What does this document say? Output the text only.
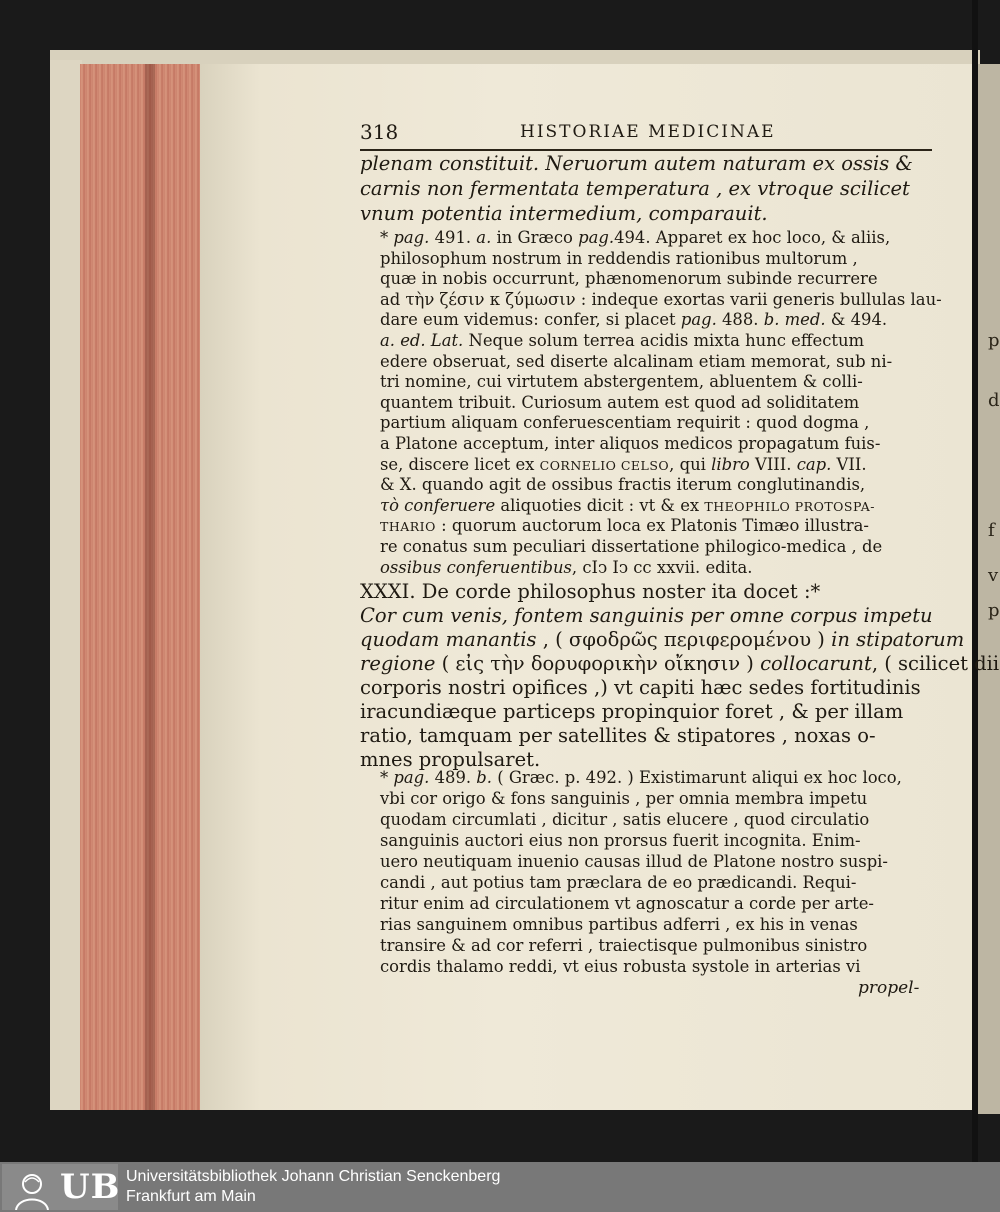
p
d
f
v
p
318	HISTORIAE MEDICINAE
plenam constituit. Neruorum autem naturam ex ossis &
carnis non fermentata temperatura , ex vtroque scilicet
vnum potentia intermedium, comparauit.
* pag. 491. a. in Græco pag.494. Apparet ex hoc loco, & aliis,
philosophum nostrum in reddendis rationibus multorum ,
quæ in nobis occurrunt, phænomenorum subinde recurrere
ad τὴν ζέσιν κ ζύμωσιν : indeque exortas varii generis bullulas lau-
dare eum videmus: confer, si placet pag. 488. b. med. & 494.
a. ed. Lat. Neque solum terrea acidis mixta hunc effectum
edere obseruat, sed diserte alcalinam etiam memorat, sub ni-
tri nomine, cui virtutem abstergentem, abluentem & colli-
quantem tribuit. Curiosum autem est quod ad soliditatem
partium aliquam conferuescentiam requirit : quod dogma ,
a Platone acceptum, inter aliquos medicos propagatum fuis-
se, discere licet ex CORNELIO CELSO, qui libro VIII. cap. VII.
& X. quando agit de ossibus fractis iterum conglutinandis,
τὸ conferuere aliquoties dicit : vt & ex THEOPHILO PROTOSPA-
THARIO : quorum auctorum loca ex Platonis Timæo illustra-
re conatus sum peculiari dissertatione philogico-medica , de
ossibus conferuentibus, cIↄ Iↄ cc xxvii. edita.
XXXI. De corde philosophus noster ita docet :*
Cor cum venis, fontem sanguinis per omne corpus impetu
quodam manantis , ( σφοδρῶς περιφερομένου ) in stipatorum
regione ( εἰς τὴν δορυφορικὴν οἴκησιν ) collocarunt, ( scilicet dii
corporis nostri opifices ,) vt capiti hæc sedes fortitudinis
iracundiæque particeps propinquior foret , & per illam
ratio, tamquam per satellites & stipatores , noxas o-
mnes propulsaret.
* pag. 489. b. ( Græc. p. 492. ) Existimarunt aliqui ex hoc loco,
vbi cor origo & fons sanguinis , per omnia membra impetu
quodam circumlati , dicitur , satis elucere , quod circulatio
sanguinis auctori eius non prorsus fuerit incognita. Enim-
uero neutiquam inuenio causas illud de Platone nostro suspi-
candi , aut potius tam præclara de eo prædicandi. Requi-
ritur enim ad circulationem vt agnoscatur a corde per arte-
rias sanguinem omnibus partibus adferri , ex his in venas
transire & ad cor referri , traiectisque pulmonibus sinistro
cordis thalamo reddi, vt eius robusta systole in arterias vi
propel-
UB Universitätsbibliothek Johann Christian Senckenberg
Frankfurt am Main
